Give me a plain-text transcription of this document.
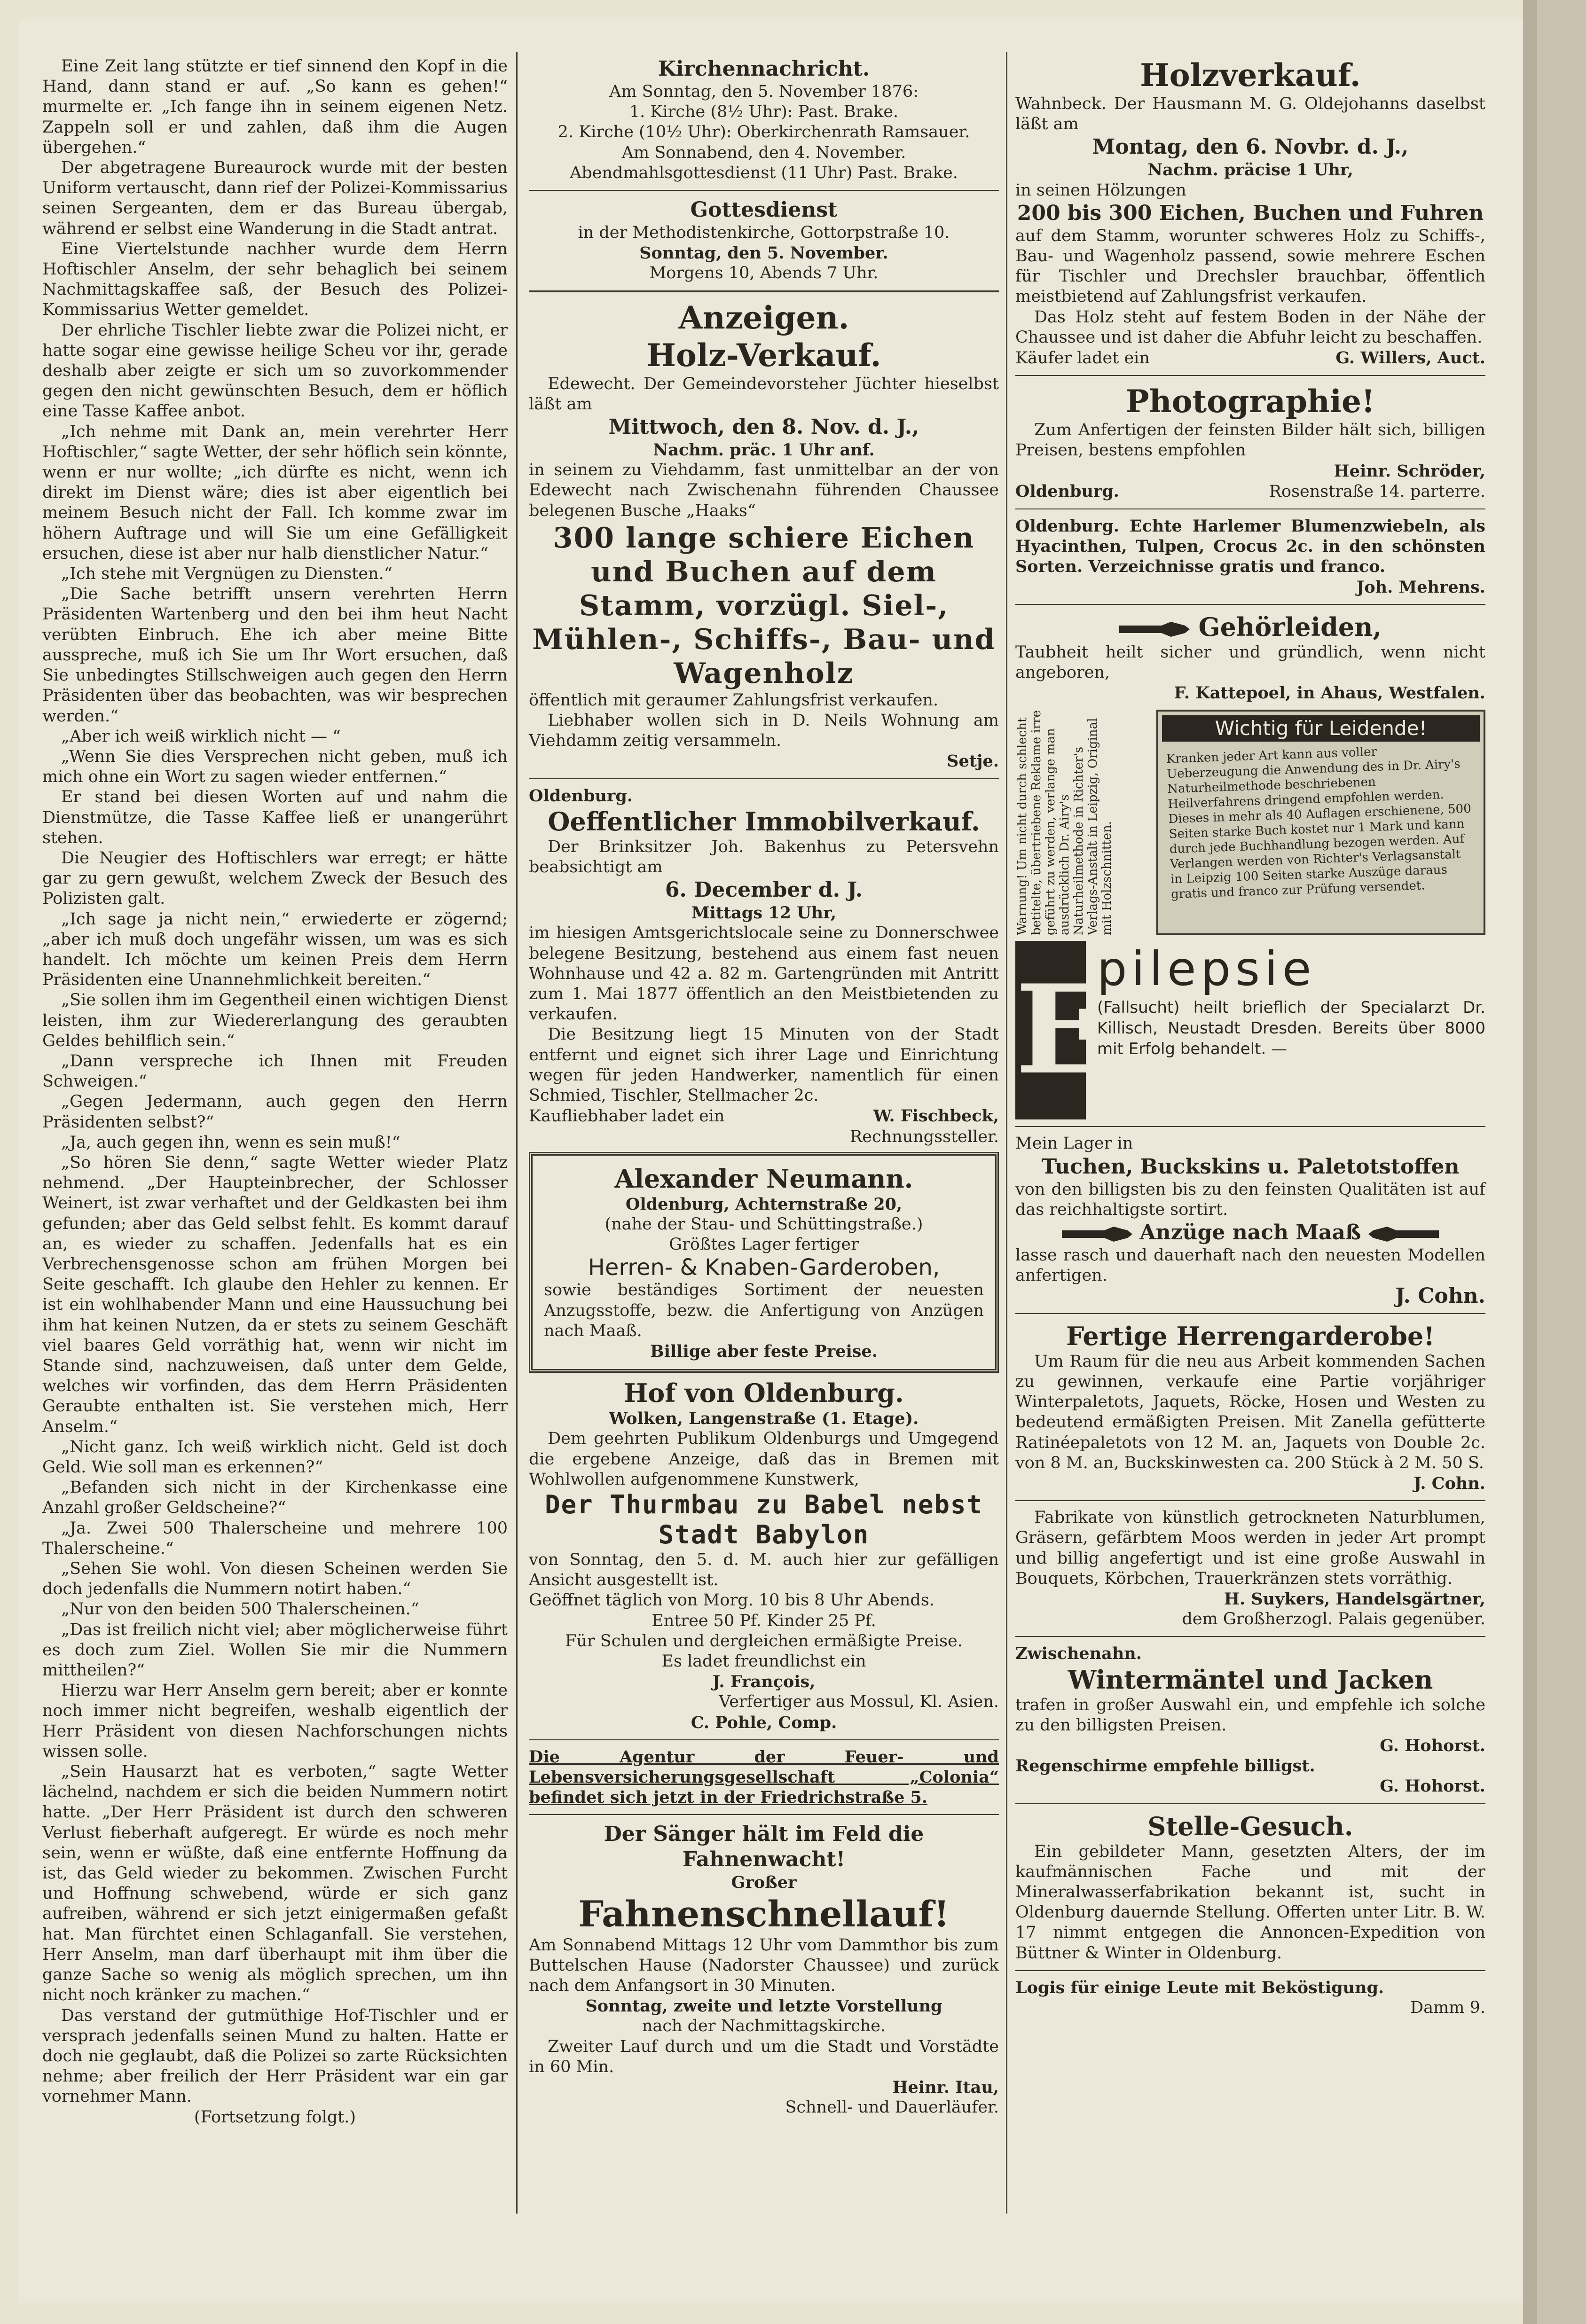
Eine Zeit lang stützte er tief sinnend den Kopf in die Hand, dann stand er auf. „So kann es gehen!“ murmelte er. „Ich fange ihn in seinem eigenen Netz. Zappeln soll er und zahlen, daß ihm die Augen übergehen.“

Der abgetragene Bureaurock wurde mit der besten Uniform vertauscht, dann rief der Polizei-Kommissarius seinen Sergeanten, dem er das Bureau übergab, während er selbst eine Wanderung in die Stadt antrat.

Eine Viertelstunde nachher wurde dem Herrn Hoftischler Anselm, der sehr behaglich bei seinem Nachmittagskaffee saß, der Besuch des Polizei-Kommissarius Wetter gemeldet.

Der ehrliche Tischler liebte zwar die Polizei nicht, er hatte sogar eine gewisse heilige Scheu vor ihr, gerade deshalb aber zeigte er sich um so zuvorkommender gegen den nicht gewünschten Besuch, dem er höflich eine Tasse Kaffee anbot.

„Ich nehme mit Dank an, mein verehrter Herr Hoftischler,“ sagte Wetter, der sehr höflich sein könnte, wenn er nur wollte; „ich dürfte es nicht, wenn ich direkt im Dienst wäre; dies ist aber eigentlich bei meinem Besuch nicht der Fall. Ich komme zwar im höhern Auftrage und will Sie um eine Gefälligkeit ersuchen, diese ist aber nur halb dienstlicher Natur.“

„Ich stehe mit Vergnügen zu Diensten.“

„Die Sache betrifft unsern verehrten Herrn Präsidenten Wartenberg und den bei ihm heut Nacht verübten Einbruch. Ehe ich aber meine Bitte ausspreche, muß ich Sie um Ihr Wort ersuchen, daß Sie unbedingtes Stillschweigen auch gegen den Herrn Präsidenten über das beobachten, was wir besprechen werden.“

„Aber ich weiß wirklich nicht — “

„Wenn Sie dies Versprechen nicht geben, muß ich mich ohne ein Wort zu sagen wieder entfernen.“

Er stand bei diesen Worten auf und nahm die Dienstmütze, die Tasse Kaffee ließ er unangerührt stehen.

Die Neugier des Hoftischlers war erregt; er hätte gar zu gern gewußt, welchem Zweck der Besuch des Polizisten galt.

„Ich sage ja nicht nein,“ erwiederte er zögernd; „aber ich muß doch ungefähr wissen, um was es sich handelt. Ich möchte um keinen Preis dem Herrn Präsidenten eine Unannehmlichkeit bereiten.“

„Sie sollen ihm im Gegentheil einen wichtigen Dienst leisten, ihm zur Wiedererlangung des geraubten Geldes behilflich sein.“

„Dann verspreche ich Ihnen mit Freuden Schweigen.“

„Gegen Jedermann, auch gegen den Herrn Präsidenten selbst?“

„Ja, auch gegen ihn, wenn es sein muß!“

„So hören Sie denn,“ sagte Wetter wieder Platz nehmend. „Der Haupteinbrecher, der Schlosser Weinert, ist zwar verhaftet und der Geldkasten bei ihm gefunden; aber das Geld selbst fehlt. Es kommt darauf an, es wieder zu schaffen. Jedenfalls hat es ein Verbrechensgenosse schon am frühen Morgen bei Seite geschafft. Ich glaube den Hehler zu kennen. Er ist ein wohlhabender Mann und eine Haussuchung bei ihm hat keinen Nutzen, da er stets zu seinem Geschäft viel baares Geld vorräthig hat, wenn wir nicht im Stande sind, nachzuweisen, daß unter dem Gelde, welches wir vorfinden, das dem Herrn Präsidenten Geraubte enthalten ist. Sie verstehen mich, Herr Anselm.“

„Nicht ganz. Ich weiß wirklich nicht. Geld ist doch Geld. Wie soll man es erkennen?“

„Befanden sich nicht in der Kirchenkasse eine Anzahl großer Geldscheine?“

„Ja. Zwei 500 Thalerscheine und mehrere 100 Thalerscheine.“

„Sehen Sie wohl. Von diesen Scheinen werden Sie doch jedenfalls die Nummern notirt haben.“

„Nur von den beiden 500 Thalerscheinen.“

„Das ist freilich nicht viel; aber möglicherweise führt es doch zum Ziel. Wollen Sie mir die Nummern mittheilen?“

Hierzu war Herr Anselm gern bereit; aber er konnte noch immer nicht begreifen, weshalb eigentlich der Herr Präsident von diesen Nachforschungen nichts wissen solle.

„Sein Hausarzt hat es verboten,“ sagte Wetter lächelnd, nachdem er sich die beiden Nummern notirt hatte. „Der Herr Präsident ist durch den schweren Verlust fieberhaft aufgeregt. Er würde es noch mehr sein, wenn er wüßte, daß eine entfernte Hoffnung da ist, das Geld wieder zu bekommen. Zwischen Furcht und Hoffnung schwebend, würde er sich ganz aufreiben, während er sich jetzt einigermaßen gefaßt hat. Man fürchtet einen Schlaganfall. Sie verstehen, Herr Anselm, man darf überhaupt mit ihm über die ganze Sache so wenig als möglich sprechen, um ihn nicht noch kränker zu machen.“

Das verstand der gutmüthige Hof-Tischler und er versprach jedenfalls seinen Mund zu halten. Hatte er doch nie geglaubt, daß die Polizei so zarte Rücksichten nehme; aber freilich der Herr Präsident war ein gar vornehmer Mann.

(Fortsetzung folgt.)

Kirchennachricht.

Am Sonntag, den 5. November 1876:

1. Kirche (8½ Uhr): Past. Brake.

2. Kirche (10½ Uhr): Oberkirchenrath Ramsauer.

Am Sonnabend, den 4. November.

Abendmahlsgottesdienst (11 Uhr) Past. Brake.

Gottesdienst

in der Methodistenkirche, Gottorpstraße 10.

Sonntag, den 5. November.

Morgens 10, Abends 7 Uhr.

Anzeigen.
Holz-Verkauf.

Edewecht. Der Gemeindevorsteher Jüchter hieselbst läßt am

Mittwoch, den 8. Nov. d. J.,

Nachm. präc. 1 Uhr anf.

in seinem zu Viehdamm, fast unmittelbar an der von Edewecht nach Zwischenahn führenden Chaussee belegenen Busche „Haaks“

300 lange schiere Eichen und Buchen auf dem Stamm, vorzügl. Siel-, Mühlen-, Schiffs-, Bau- und Wagenholz

öffentlich mit geraumer Zahlungsfrist verkaufen.

Liebhaber wollen sich in D. Neils Wohnung am Viehdamm zeitig versammeln.

Setje.

Oldenburg.

Oeffentlicher Immobilverkauf.

Der Brinksitzer Joh. Bakenhus zu Petersvehn beabsichtigt am

6. December d. J.

Mittags 12 Uhr,

im hiesigen Amtsgerichtslocale seine zu Donnerschwee belegene Besitzung, bestehend aus einem fast neuen Wohnhause und 42 a. 82 m. Gartengründen mit Antritt zum 1. Mai 1877 öffentlich an den Meistbietenden zu verkaufen.

Die Besitzung liegt 15 Minuten von der Stadt entfernt und eignet sich ihrer Lage und Einrichtung wegen für jeden Handwerker, namentlich für einen Schmied, Tischler, Stellmacher 2c.

Kaufliebhaber ladet ein	W. Fischbeck,

Rechnungssteller.

Alexander Neumann.

Oldenburg, Achternstraße 20,

(nahe der Stau- und Schüttingstraße.)

Größtes Lager fertiger

Herren- & Knaben-Garderoben,

sowie beständiges Sortiment der neuesten Anzugsstoffe, bezw. die Anfertigung von Anzügen nach Maaß.

Billige aber feste Preise.

Hof von Oldenburg.

Wolken, Langenstraße (1. Etage).

Dem geehrten Publikum Oldenburgs und Umgegend die ergebene Anzeige, daß das in Bremen mit Wohlwollen aufgenommene Kunstwerk,

Der Thurmbau zu Babel nebst Stadt Babylon

von Sonntag, den 5. d. M. auch hier zur gefälligen Ansicht ausgestellt ist.

Geöffnet täglich von Morg. 10 bis 8 Uhr Abends.

Entree 50 Pf. Kinder 25 Pf.

Für Schulen und dergleichen ermäßigte Preise.

Es ladet freundlichst ein

J. François,

Verfertiger aus Mossul, Kl. Asien.

C. Pohle, Comp.

Die Agentur der Feuer- und Lebensversicherungsgesellschaft „Colonia“ befindet sich jetzt in der Friedrichstraße 5.

Der Sänger hält im Feld die Fahnenwacht!

Großer

Fahnenschnellauf!

Am Sonnabend Mittags 12 Uhr vom Dammthor bis zum Buttelschen Hause (Nadorster Chaussee) und zurück nach dem Anfangsort in 30 Minuten.

Sonntag, zweite und letzte Vorstellung

nach der Nachmittagskirche.

Zweiter Lauf durch und um die Stadt und Vorstädte in 60 Min.

Heinr. Itau,

Schnell- und Dauerläufer.

Holzverkauf.

Wahnbeck. Der Hausmann M. G. Oldejohanns daselbst läßt am

Montag, den 6. Novbr. d. J.,

Nachm. präcise 1 Uhr,

in seinen Hölzungen

200 bis 300 Eichen, Buchen und Fuhren

auf dem Stamm, worunter schweres Holz zu Schiffs-, Bau- und Wagenholz passend, sowie mehrere Eschen für Tischler und Drechsler brauchbar, öffentlich meistbietend auf Zahlungsfrist verkaufen.

Das Holz steht auf festem Boden in der Nähe der Chaussee und ist daher die Abfuhr leicht zu beschaffen.

Käufer ladet ein	G. Willers, Auct.
Photographie!

Zum Anfertigen der feinsten Bilder hält sich, billigen Preisen, bestens empfohlen

Heinr. Schröder,

Oldenburg.	Rosenstraße 14. parterre.

Oldenburg. Echte Harlemer Blumenzwiebeln, als Hyacinthen, Tulpen, Crocus 2c. in den schönsten Sorten. Verzeichnisse gratis und franco.

Joh. Mehrens.

Gehörleiden,

Taubheit heilt sicher und gründlich, wenn nicht angeboren,

F. Kattepoel, in Ahaus, Westfalen.

Warnung! Um nicht durch schlecht betitelte, übertriebene Reklame irre geführt zu werden, verlange man ausdrücklich Dr. Airy's Naturheilmethode in Richter's Verlags-Anstalt in Leipzig, Original mit Holzschnitten.
Wichtig für Leidende!
Kranken jeder Art kann aus voller Ueberzeugung die Anwendung des in Dr. Airy's Naturheilmethode beschriebenen Heilverfahrens dringend empfohlen werden. Dieses in mehr als 40 Auflagen erschienene, 500 Seiten starke Buch kostet nur 1 Mark und kann durch jede Buchhandlung bezogen werden. Auf Verlangen werden von Richter's Verlagsanstalt in Leipzig 100 Seiten starke Auszüge daraus gratis und franco zur Prüfung versendet.
E
pilepsie

(Fallsucht) heilt brieflich der Specialarzt Dr. Killisch, Neustadt Dresden. Bereits über 8000 mit Erfolg behandelt. —

Mein Lager in

Tuchen, Buckskins u. Paletotstoffen

von den billigsten bis zu den feinsten Qualitäten ist auf das reichhaltigste sortirt.

Anzüge nach Maaß

lasse rasch und dauerhaft nach den neuesten Modellen anfertigen.

J. Cohn.

Fertige Herrengarderobe!

Um Raum für die neu aus Arbeit kommenden Sachen zu gewinnen, verkaufe eine Partie vorjähriger Winterpaletots, Jaquets, Röcke, Hosen und Westen zu bedeutend ermäßigten Preisen. Mit Zanella gefütterte Ratinéepaletots von 12 M. an, Jaquets von Double 2c. von 8 M. an, Buckskinwesten ca. 200 Stück à 2 M. 50 S.

J. Cohn.

Fabrikate von künstlich getrockneten Naturblumen, Gräsern, gefärbtem Moos werden in jeder Art prompt und billig angefertigt und ist eine große Auswahl in Bouquets, Körbchen, Trauerkränzen stets vorräthig.

H. Suykers, Handelsgärtner,

dem Großherzogl. Palais gegenüber.

Zwischenahn.

Wintermäntel und Jacken

trafen in großer Auswahl ein, und empfehle ich solche zu den billigsten Preisen.

G. Hohorst.

Regenschirme empfehle billigst.

G. Hohorst.

Stelle-Gesuch.

Ein gebildeter Mann, gesetzten Alters, der im kaufmännischen Fache und mit der Mineralwasserfabrikation bekannt ist, sucht in Oldenburg dauernde Stellung. Offerten unter Litr. B. W. 17 nimmt entgegen die Annoncen-Expedition von Büttner & Winter in Oldenburg.

Logis für einige Leute mit Beköstigung.

Damm 9.
